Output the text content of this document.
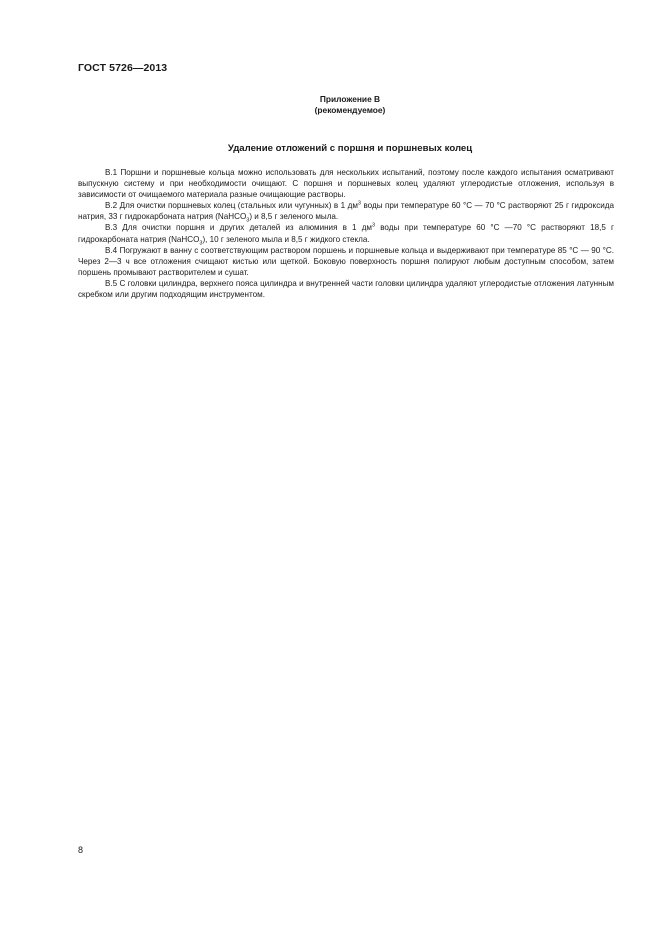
ГОСТ 5726—2013
Приложение В
(рекомендуемое)
Удаление отложений с поршня и поршневых колец

В.1 Поршни и поршневые кольца можно использовать для нескольких испытаний, поэтому после каждого испытания осматривают выпускную систему и при необходимости очищают. С поршня и поршневых колец удаляют углеродистые отложения, используя в зависимости от очищаемого материала разные очищающие растворы.

В.2 Для очистки поршневых колец (стальных или чугунных) в 1 $дм^3$ воды при температуре 60 °С — 70 °С растворяют 25 г гидроксида натрия, 33 г гидрокарбоната натрия (NaHCO$_3$) и 8,5 г зеленого мыла.

В.3 Для очистки поршня и других деталей из алюминия в 1 $дм^3$ воды при температуре 60 °С —70 °С растворяют 18,5 г гидрокарбоната натрия (NaHCO$_3$), 10 г зеленого мыла и 8,5 г жидкого стекла.

В.4 Погружают в ванну с соответствующим раствором поршень и поршневые кольца и выдерживают при температуре 85 °С — 90 °С. Через 2—3 ч все отложения счищают кистью или щеткой. Боковую поверхность поршня полируют любым доступным способом, затем поршень промывают растворителем и сушат.

В.5 С головки цилиндра, верхнего пояса цилиндра и внутренней части головки цилиндра удаляют углеродистые отложения латунным скребком или другим подходящим инструментом.

8
